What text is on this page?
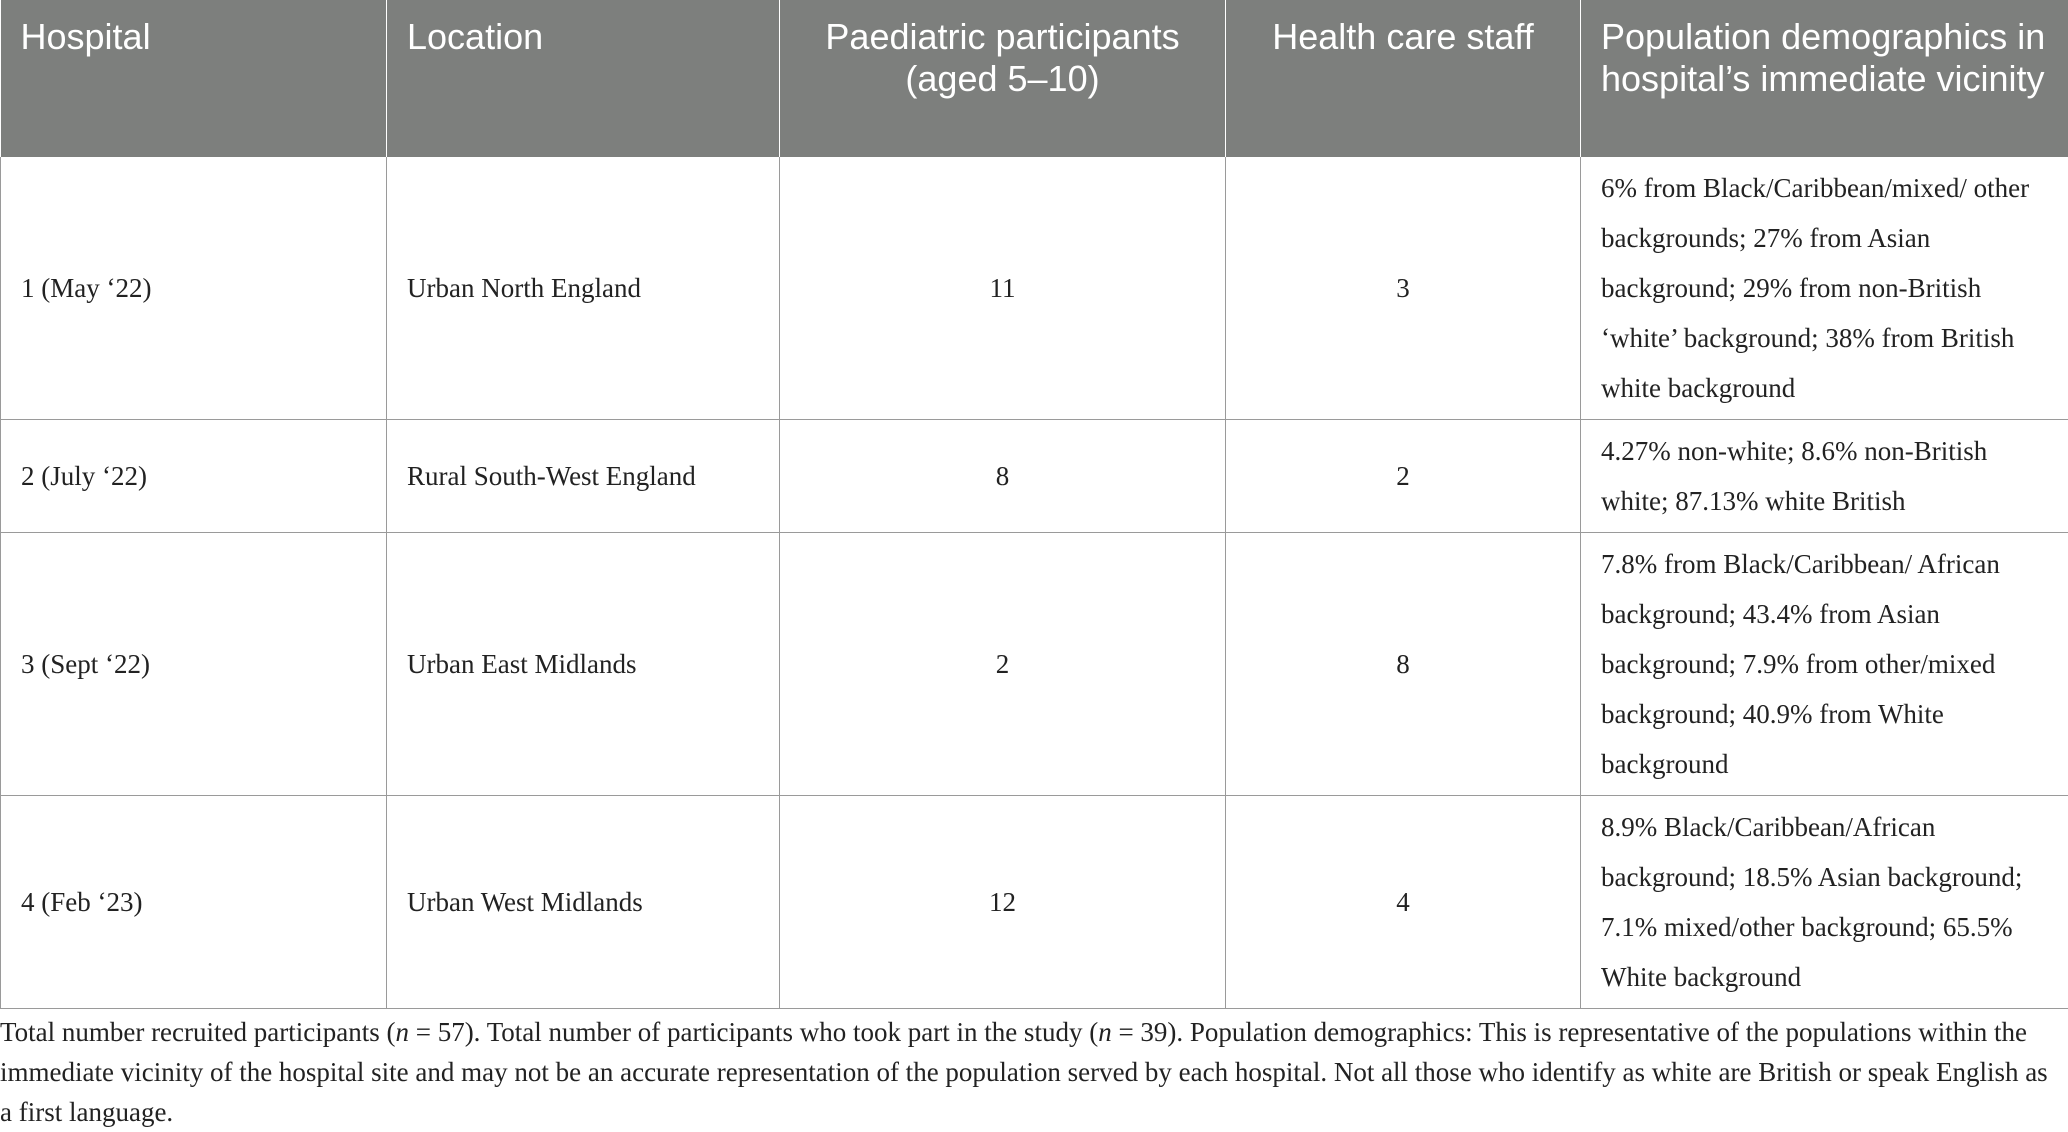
Hospital	Location	Paediatric participants (aged 5–10)	Health care staff	Population demographics in hospital’s immediate vicinity
1 (May ‘22)	Urban North England	11	3	6% from Black/Caribbean/mixed/ other backgrounds; 27% from Asian background; 29% from non-British ‘white’ background; 38% from British white background
2 (July ‘22)	Rural South-West England	8	2	4.27% non-white; 8.6% non-British white; 87.13% white British
3 (Sept ‘22)	Urban East Midlands	2	8	7.8% from Black/Caribbean/ African background; 43.4% from Asian background; 7.9% from other/mixed background; 40.9% from White background
4 (Feb ‘23)	Urban West Midlands	12	4	8.9% Black/Caribbean/African background; 18.5% Asian background; 7.1% mixed/other background; 65.5% White background

Total number recruited participants (n = 57). Total number of participants who took part in the study (n = 39). Population demographics: This is representative of the populations within the immediate vicinity of the hospital site and may not be an accurate representation of the population served by each hospital. Not all those who identify as white are British or speak English as a first language.
